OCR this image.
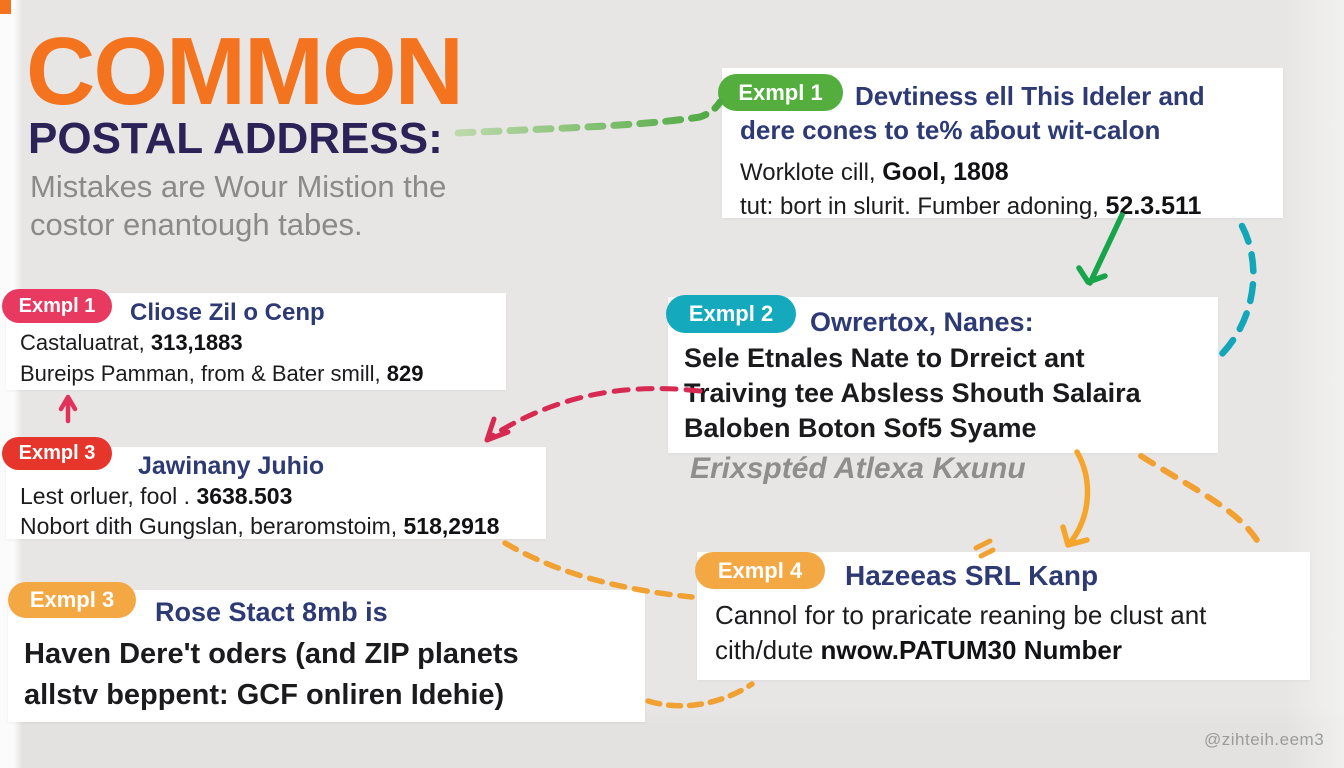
COMMON
POSTAL ADDRESS:
Mistakes are Wour Mistion the
costor enantough tabes.
Exmpl 1	Devtiness ell This Ideler and
dere cones to te% aƃout wit-calon
Worklote cill, Gool, 1808
tut: bort in slurit. Fumber adoning, 52.3.511
Exmpl 1	Cliose Zil o Cenp
Castaluatrat, 313,1883
Bureips Pamman, from & Bater smill, 829
Exmpl 2	Owrertox, Nanes:
Sele Etnales Nate to Drreict ant
Traiving tee Absless Shouth Salaira
Baloben Boton Sof5 Syame
Erixsptéd Atlexa Kxunu
Exmpl 3	Jawinany Juhio
Lest orluer, fool . 3638.503
Nobort dith Gungslan, beraromstoim, 518,2918
Exmpl 3	Rose Stact 8mb is
Haven Dere't oders (and ZIP planets
allstv beppent: GCF onliren Idehie)
Exmpl 4	Hazeeas SRL Kanp
Cannol for to praricate reaning be clust ant
cith/dute nwow.PATUM30 Number
@zihteih.eem3
